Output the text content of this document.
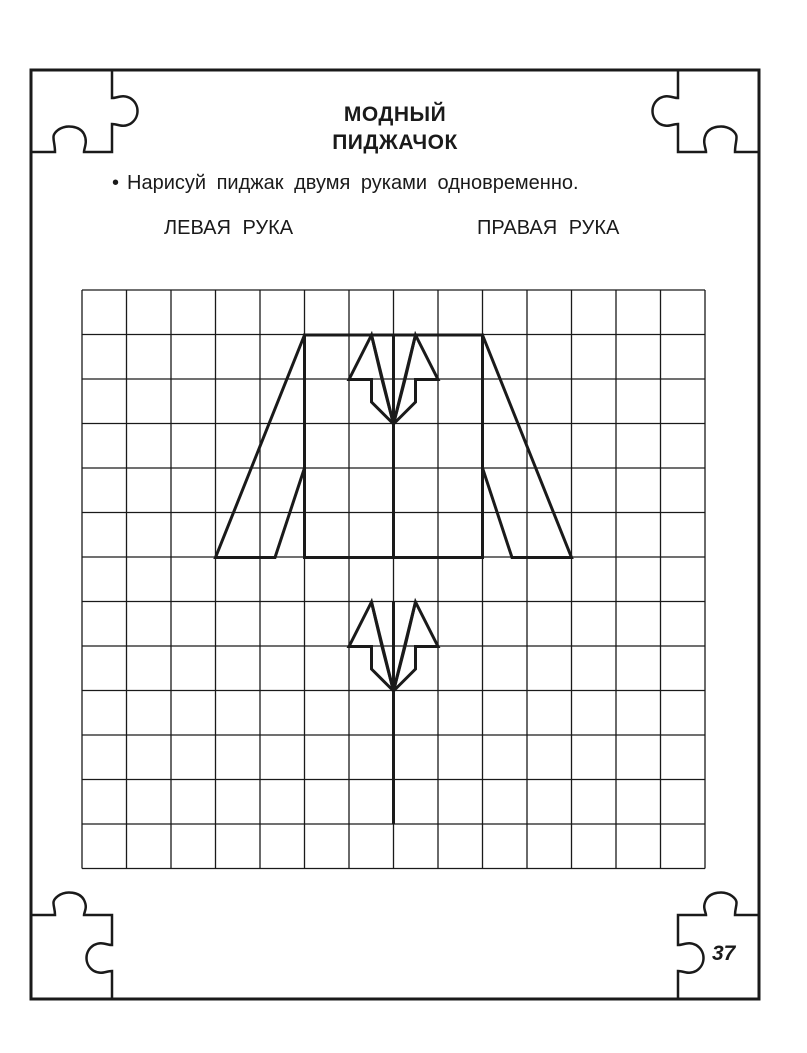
МОДНЫЙ
ПИДЖАЧОК
• Нарисуй пиджак двумя руками одновременно.
ЛЕВАЯ РУКА	ПРАВАЯ РУКА
37
